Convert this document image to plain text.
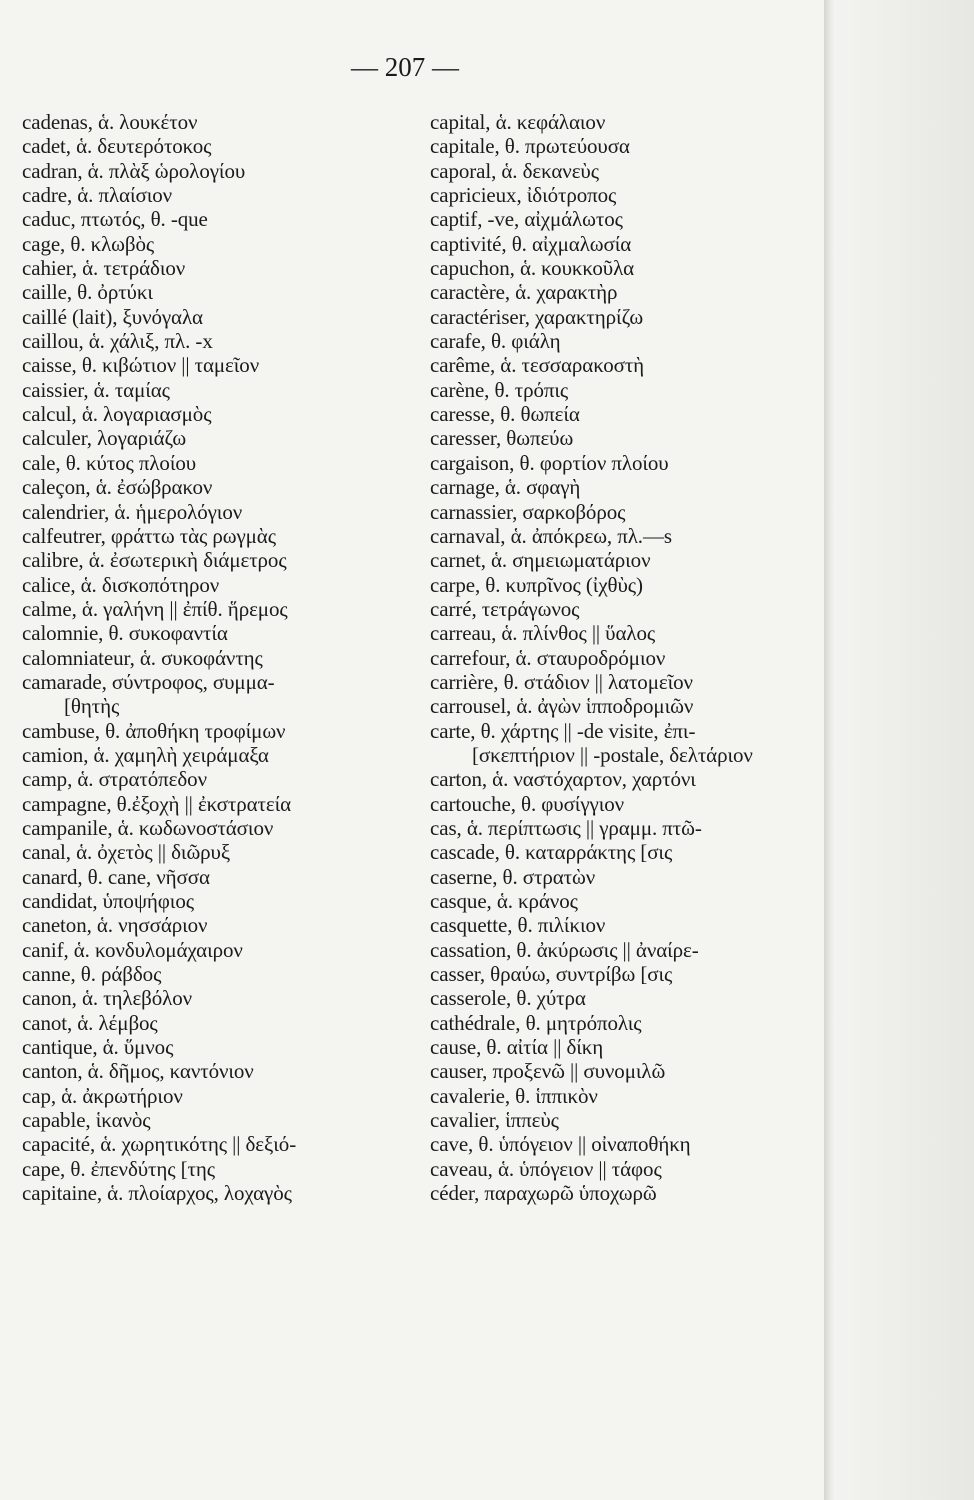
— 207 —
cadenas, ἁ. λουκέτον
cadet, ἁ. δευτερότοκος
cadran, ἁ. πλὰξ ὡρολογίου
cadre, ἁ. πλαίσιον
caduc, πτωτός, θ. -que
cage, θ. κλωβὸς
cahier, ἁ. τετράδιον
caille, θ. ὀρτύκι
caillé (lait), ξυνόγαλα
caillou, ἁ. χάλιξ, πλ. -x
caisse, θ. κιβώτιον || ταμεῖον
caissier, ἁ. ταμίας
calcul, ἁ. λογαριασμὸς
calculer, λογαριάζω
cale, θ. κύτος πλοίου
caleçon, ἁ. ἐσώβρακον
calendrier, ἁ. ἡμερολόγιον
calfeutrer, φράττω τὰς ρωγμὰς
calibre, ἁ. ἐσωτερικὴ διάμετρος
calice, ἁ. δισκοπότηρον
calme, ἁ. γαλήνη || ἐπίθ. ἥρεμος
calomnie, θ. συκοφαντία
calomniateur, ἁ. συκοφάντης
camarade, σύντροφος, συμμα-
[θητὴς
cambuse, θ. ἀποθήκη τροφίμων
camion, ἁ. χαμηλὴ χειράμαξα
camp, ἁ. στρατόπεδον
campagne, θ.ἐξοχὴ || ἐκστρατεία
campanile, ἁ. κωδωνοστάσιον
canal, ἁ. ὀχετὸς || διῶρυξ
canard, θ. cane, νῆσσα
candidat, ὑποψήφιος
caneton, ἁ. νησσάριον
canif, ἁ. κονδυλομάχαιρον
canne, θ. ράβδος
canon, ἁ. τηλεβόλον
canot, ἁ. λέμβος
cantique, ἁ. ὕμνος
canton, ἁ. δῆμος, καντόνιον
cap, ἁ. ἀκρωτήριον
capable, ἱκανὸς
capacité, ἁ. χωρητικότης || δεξιό-
cape, θ. ἐπενδύτης [της
capitaine, ἁ. πλοίαρχος, λοχαγὸς
capital, ἁ. κεφάλαιον
capitale, θ. πρωτεύουσα
caporal, ἁ. δεκανεὺς
capricieux, ἰδιότροπος
captif, -ve, αἰχμάλωτος
captivité, θ. αἰχμαλωσία
capuchon, ἁ. κουκκοῦλα
caractère, ἁ. χαρακτὴρ
caractériser, χαρακτηρίζω
carafe, θ. φιάλη
carême, ἁ. τεσσαρακοστὴ
carène, θ. τρόπις
caresse, θ. θωπεία
caresser, θωπεύω
cargaison, θ. φορτίον πλοίου
carnage, ἁ. σφαγὴ
carnassier, σαρκοβόρος
carnaval, ἁ. ἀπόκρεω, πλ.—s
carnet, ἁ. σημειωματάριον
carpe, θ. κυπρῖνος (ἰχθὺς)
carré, τετράγωνος
carreau, ἁ. πλίνθος || ὕαλος
carrefour, ἁ. σταυροδρόμιον
carrière, θ. στάδιον || λατομεῖον
carrousel, ἁ. ἀγὼν ἱπποδρομιῶν
carte, θ. χάρτης || -de visite, ἐπι-
[σκεπτήριον || -postale, δελτάριον
carton, ἁ. ναστόχαρτον, χαρτόνι
cartouche, θ. φυσίγγιον
cas, ἁ. περίπτωσις || γραμμ. πτῶ-
cascade, θ. καταρράκτης [σις
caserne, θ. στρατὼν
casque, ἁ. κράνος
casquette, θ. πιλίκιον
cassation, θ. ἀκύρωσις || ἀναίρε-
casser, θραύω, συντρίβω [σις
casserole, θ. χύτρα
cathédrale, θ. μητρόπολις
cause, θ. αἰτία || δίκη
causer, προξενῶ || συνομιλῶ
cavalerie, θ. ἱππικὸν
cavalier, ἱππεὺς
cave, θ. ὑπόγειον || οἰναποθήκη
caveau, ἁ. ὑπόγειον || τάφος
céder, παραχωρῶ ὑποχωρῶ
